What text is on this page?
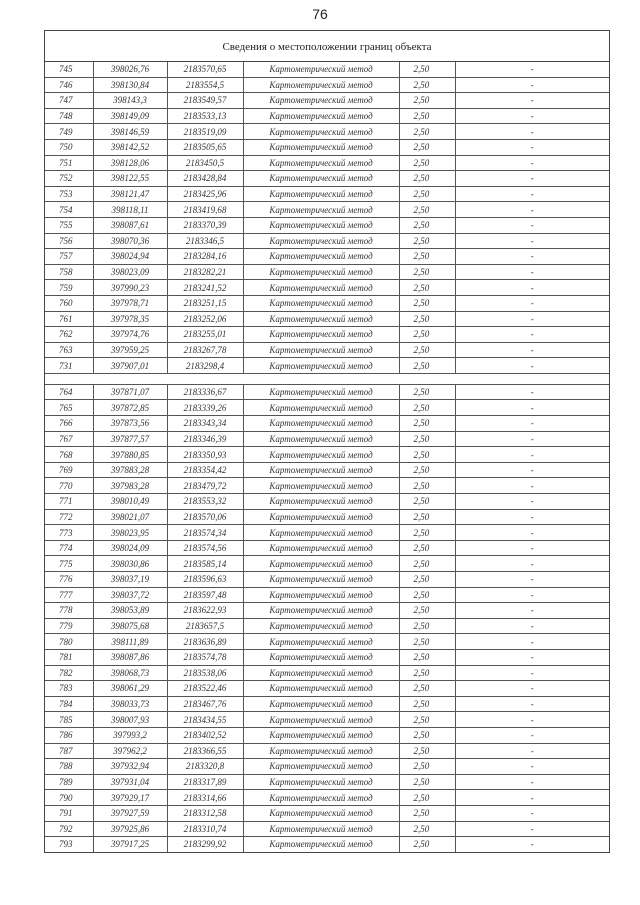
76
Сведения о местоположении границ объекта
745	398026,76	2183570,65	Картометрический метод	2,50	-
746	398130,84	2183554,5	Картометрический метод	2,50	-
747	398143,3	2183549,57	Картометрический метод	2,50	-
748	398149,09	2183533,13	Картометрический метод	2,50	-
749	398146,59	2183519,09	Картометрический метод	2,50	-
750	398142,52	2183505,65	Картометрический метод	2,50	-
751	398128,06	2183450,5	Картометрический метод	2,50	-
752	398122,55	2183428,84	Картометрический метод	2,50	-
753	398121,47	2183425,96	Картометрический метод	2,50	-
754	398118,11	2183419,68	Картометрический метод	2,50	-
755	398087,61	2183370,39	Картометрический метод	2,50	-
756	398070,36	2183346,5	Картометрический метод	2,50	-
757	398024,94	2183284,16	Картометрический метод	2,50	-
758	398023,09	2183282,21	Картометрический метод	2,50	-
759	397990,23	2183241,52	Картометрический метод	2,50	-
760	397978,71	2183251,15	Картометрический метод	2,50	-
761	397978,35	2183252,06	Картометрический метод	2,50	-
762	397974,76	2183255,01	Картометрический метод	2,50	-
763	397959,25	2183267,78	Картометрический метод	2,50	-
731	397907,01	2183298,4	Картометрический метод	2,50	-
764	397871,07	2183336,67	Картометрический метод	2,50	-
765	397872,85	2183339,26	Картометрический метод	2,50	-
766	397873,56	2183343,34	Картометрический метод	2,50	-
767	397877,57	2183346,39	Картометрический метод	2,50	-
768	397880,85	2183350,93	Картометрический метод	2,50	-
769	397883,28	2183354,42	Картометрический метод	2,50	-
770	397983,28	2183479,72	Картометрический метод	2,50	-
771	398010,49	2183553,32	Картометрический метод	2,50	-
772	398021,07	2183570,06	Картометрический метод	2,50	-
773	398023,95	2183574,34	Картометрический метод	2,50	-
774	398024,09	2183574,56	Картометрический метод	2,50	-
775	398030,86	2183585,14	Картометрический метод	2,50	-
776	398037,19	2183596,63	Картометрический метод	2,50	-
777	398037,72	2183597,48	Картометрический метод	2,50	-
778	398053,89	2183622,93	Картометрический метод	2,50	-
779	398075,68	2183657,5	Картометрический метод	2,50	-
780	398111,89	2183636,89	Картометрический метод	2,50	-
781	398087,86	2183574,78	Картометрический метод	2,50	-
782	398068,73	2183538,06	Картометрический метод	2,50	-
783	398061,29	2183522,46	Картометрический метод	2,50	-
784	398033,73	2183467,76	Картометрический метод	2,50	-
785	398007,93	2183434,55	Картометрический метод	2,50	-
786	397993,2	2183402,52	Картометрический метод	2,50	-
787	397962,2	2183366,55	Картометрический метод	2,50	-
788	397932,94	2183320,8	Картометрический метод	2,50	-
789	397931,04	2183317,89	Картометрический метод	2,50	-
790	397929,17	2183314,66	Картометрический метод	2,50	-
791	397927,59	2183312,58	Картометрический метод	2,50	-
792	397925,86	2183310,74	Картометрический метод	2,50	-
793	397917,25	2183299,92	Картометрический метод	2,50	-
